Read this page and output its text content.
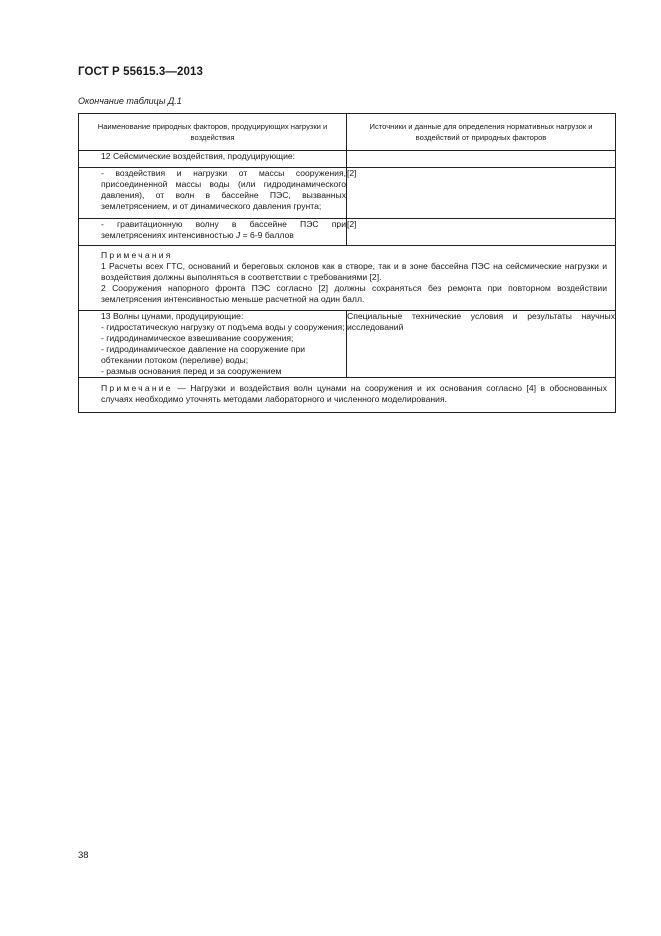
ГОСТ Р 55615.3—2013
Окончание таблицы Д.1
Наименование природных факторов, продуцирующих нагрузки и воздействия	Источники и данные для определения нормативных нагрузок и воздействий от природных факторов
12 Сейсмические воздействия, продуцирующие:	
- воздействия и нагрузки от массы сооружения, присоединенной массы воды (или гидродинамического давления), от волн в бассейне ПЭС, вызванных землетрясением, и от динамического давления грунта;	[2]
- гравитационную волну в бассейне ПЭС при землетрясениях интенсивностью J = 6-9 баллов	[2]

Примечания
1 Расчеты всех ГТС, оснований и береговых склонов как в створе, так и в зоне бассейна ПЭС на сейсмические нагрузки и воздействия должны выполняться в соответствии с требованиями [2].
2 Сооружения напорного фронта ПЭС согласно [2] должны сохраняться без ремонта при повторном воздействии землетрясения интенсивностью меньше расчетной на один балл.	

13 Волны цунами, продуцирующие:
- гидростатическую нагрузку от подъема воды у сооружения;
- гидродинамическое взвешивание сооружения;
- гидродинамическое давление на сооружение при обтекании потоком (переливе) воды;
- размыв основания перед и за сооружением	Специальные технические условия и результаты научных исследований
Примечание — Нагрузки и воздействия волн цунами на сооружения и их основания согласно [4] в обоснованных случаях необходимо уточнять методами лабораторного и численного моделирования.	
38
